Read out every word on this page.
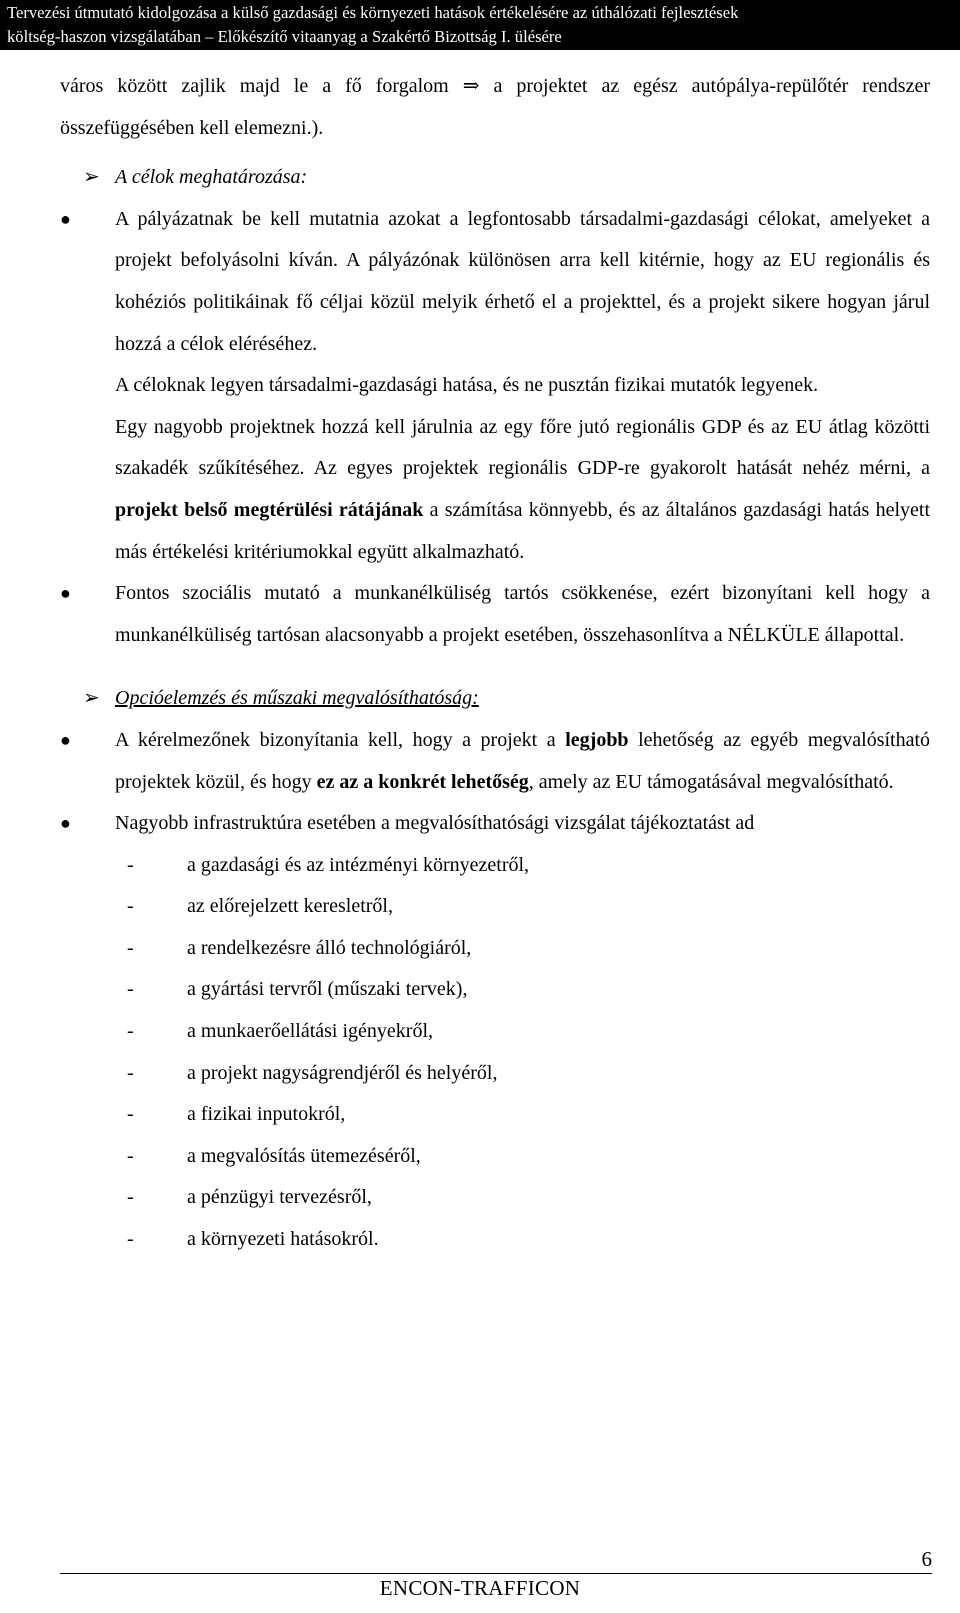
Tervezési útmutató kidolgozása a külső gazdasági és környezeti hatások értékelésére az úthálózati fejlesztések
költség-haszon vizsgálatában – Előkészítő vitaanyag a Szakértő Bizottság I. ülésére

város között zajlik majd le a fő forgalom ⇒ a projektet az egész autópálya-repülőtér rendszer összefüggésében kell elemezni.).

➢ A célok meghatározása:
● A pályázatnak be kell mutatnia azokat a legfontosabb társadalmi-gazdasági célokat, amelyeket a projekt befolyásolni kíván. A pályázónak különösen arra kell kitérnie, hogy az EU regionális és kohéziós politikáinak fő céljai közül melyik érhető el a projekttel, és a projekt sikere hogyan járul hozzá a célok eléréséhez.
A céloknak legyen társadalmi-gazdasági hatása, és ne pusztán fizikai mutatók legyenek.
Egy nagyobb projektnek hozzá kell járulnia az egy főre jutó regionális GDP és az EU átlag közötti szakadék szűkítéséhez. Az egyes projektek regionális GDP-re gyakorolt hatását nehéz mérni, a projekt belső megtérülési rátájának a számítása könnyebb, és az általános gazdasági hatás helyett más értékelési kritériumokkal együtt alkalmazható.
● Fontos szociális mutató a munkanélküliség tartós csökkenése, ezért bizonyítani kell hogy a munkanélküliség tartósan alacsonyabb a projekt esetében, összehasonlítva a NÉLKÜLE állapottal.
➢ Opcióelemzés és műszaki megvalósíthatóság:
● A kérelmezőnek bizonyítania kell, hogy a projekt a legjobb lehetőség az egyéb megvalósítható projektek közül, és hogy ez az a konkrét lehetőség, amely az EU támogatásával megvalósítható.
● Nagyobb infrastruktúra esetében a megvalósíthatósági vizsgálat tájékoztatást ad
-	a gazdasági és az intézményi környezetről,
-	az előrejelzett keresletről,
-	a rendelkezésre álló technológiáról,
-	a gyártási tervről (műszaki tervek),
-	a munkaerőellátási igényekről,
-	a projekt nagyságrendjéről és helyéről,
-	a fizikai inputokról,
-	a megvalósítás ütemezéséről,
-	a pénzügyi tervezésről,
-	a környezeti hatásokról.
6
ENCON-TRAFFICON
